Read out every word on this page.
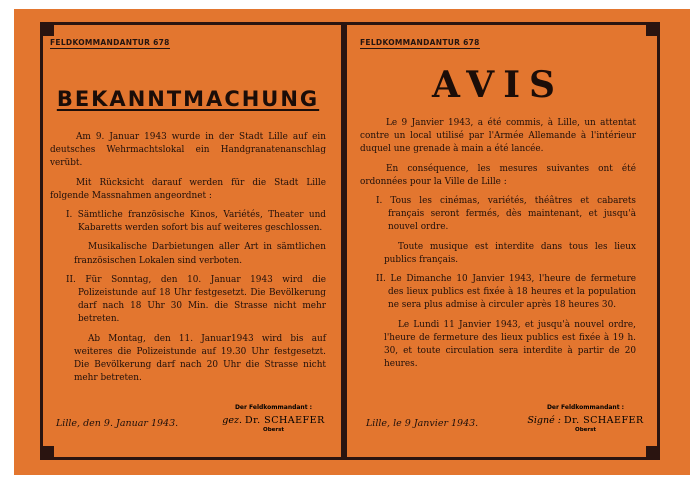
FELDKOMMANDANTUR 678
BEKANNTMACHUNG

Am 9. Januar 1943 wurde in der Stadt Lille auf ein deutsches Wehrmachtslokal ein Handgranatenanschlag verübt.

Mit Rücksicht darauf werden für die Stadt Lille folgende Massnahmen angeordnet :

I. Sämtliche französische Kinos, Variétés, Theater und Kabaretts werden sofort bis auf weiteres geschlossen.

Musikalische Darbietungen aller Art in sämtlichen französischen Lokalen sind verboten.

II. Für Sonntag, den 10. Januar 1943 wird die Polizeistunde auf 18 Uhr festgesetzt. Die Bevölkerung darf nach 18 Uhr 30 Min. die Strasse nicht mehr betreten.

Ab Montag, den 11. Januar1943 wird bis auf weiteres die Polizeistunde auf 19.30 Uhr festgesetzt. Die Bevölkerung darf nach 20 Uhr die Strasse nicht mehr betreten.

Lille, den 9. Januar 1943.
Der Feldkommandant :
gez. Dr. SCHAEFER
Oberst
FELDKOMMANDANTUR 678
AVIS

Le 9 Janvier 1943, a été commis, à Lille, un attentat contre un local utilisé par l'Armée Allemande à l'intérieur duquel une grenade à main a été lancée.

En conséquence, les mesures suivantes ont été ordonnées pour la Ville de Lille :

I. Tous les cinémas, variétés, théâtres et cabarets français seront fermés, dès maintenant, et jusqu'à nouvel ordre.

Toute musique est interdite dans tous les lieux publics français.

II. Le Dimanche 10 Janvier 1943, l'heure de fermeture des lieux publics est fixée à 18 heures et la population ne sera plus admise à circuler après 18 heures 30.

Le Lundi 11 Janvier 1943, et jusqu'à nouvel ordre, l'heure de fermeture des lieux publics est fixée à 19 h. 30, et toute circulation sera interdite à partir de 20 heures.

Lille, le 9 Janvier 1943.
Der Feldkommandant :
Signé : Dr. SCHAEFER
Oberst
